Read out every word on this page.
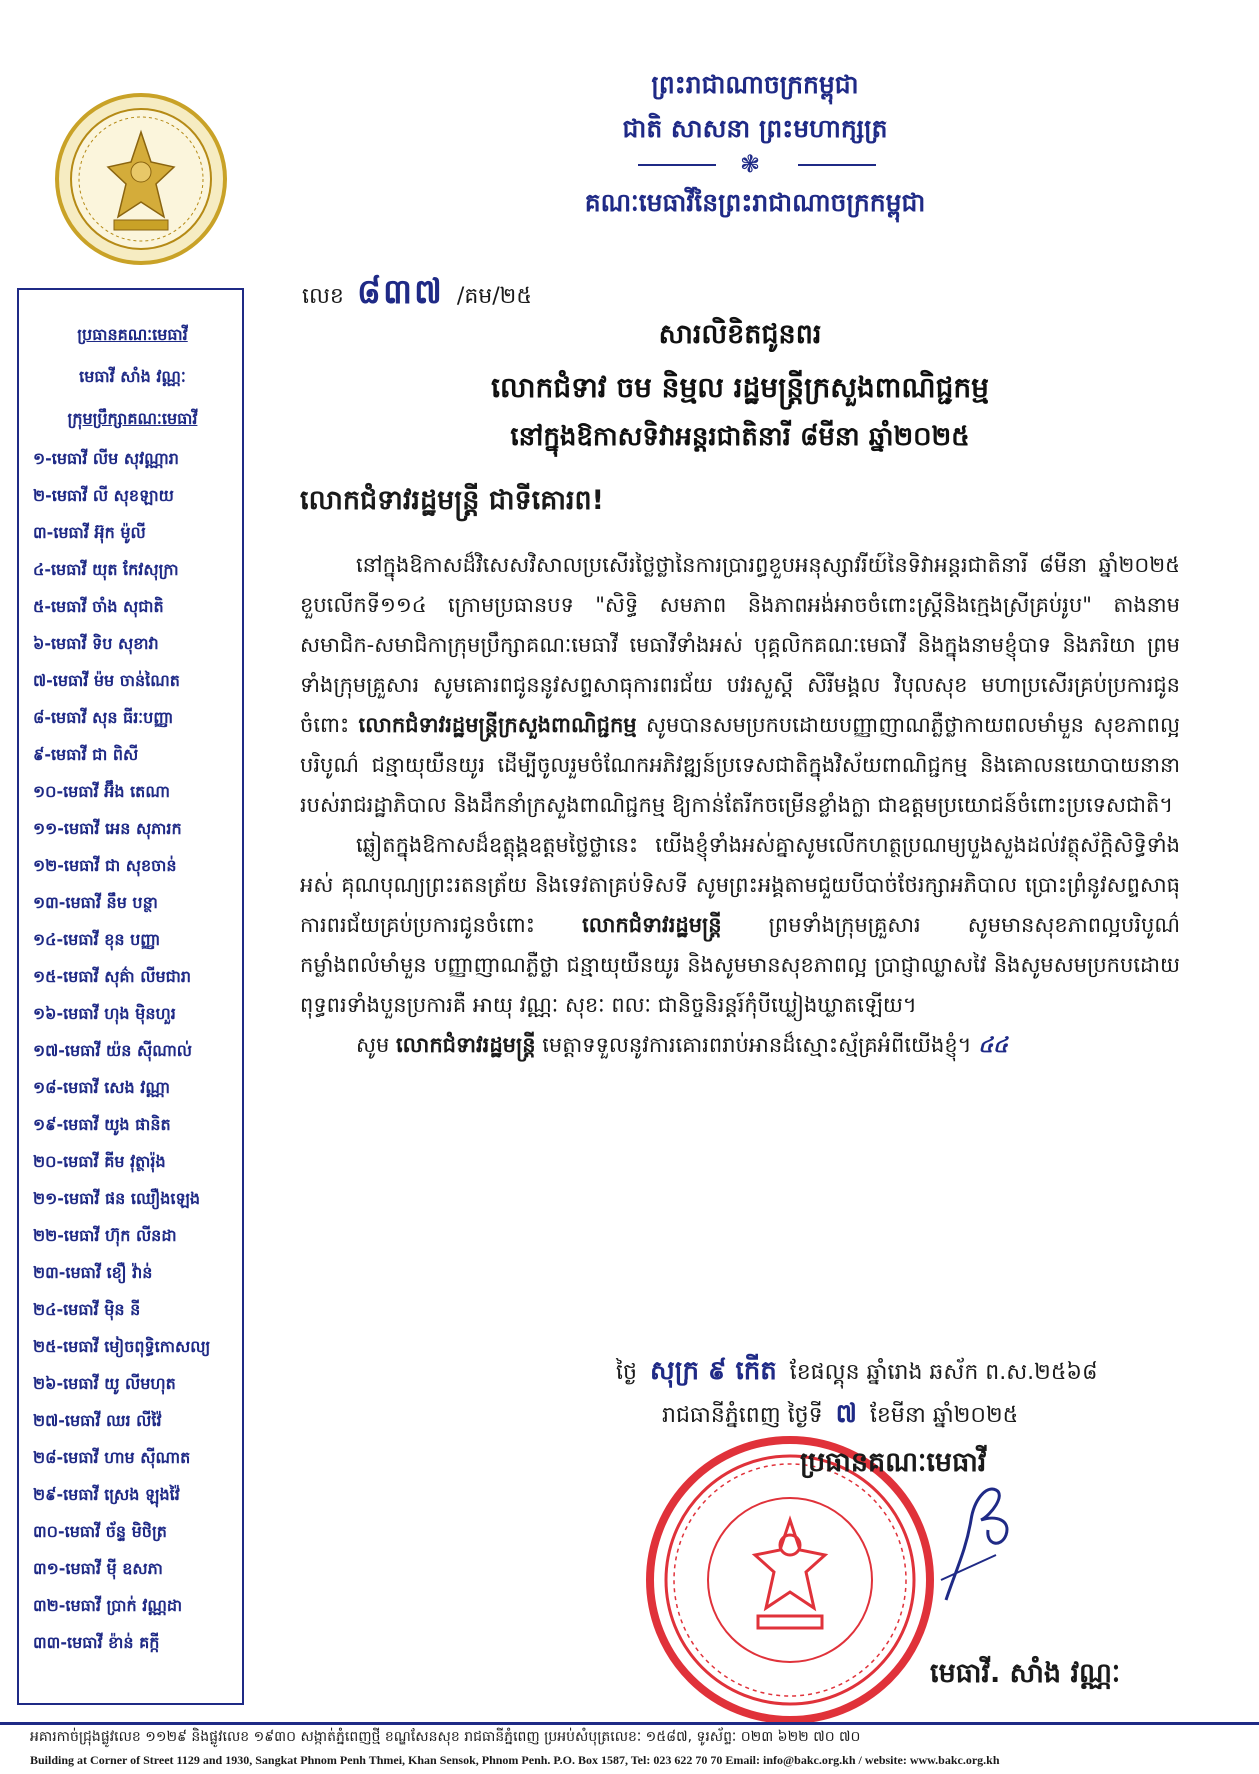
ព្រះរាជាណាចក្រកម្ពុជា
ជាតិ សាសនា ព្រះមហាក្សត្រ
❃
គណៈមេធាវីនៃព្រះរាជាណាចក្រកម្ពុជា
ប្រធានគណៈមេធាវី
មេធាវី សាំង វណ្ណៈ
ក្រុមប្រឹក្សាគណៈមេធាវី
១-មេធាវី លីម សុវណ្ណារា
២-មេធាវី លី សុខឡាយ
៣-មេធាវី អ៊ុក ម៉ូលី
៤-មេធាវី យុត កែវសុក្រា
៥-មេធាវី ចាំង សុជាតិ
៦-មេធាវី ទិប សុខាវា
៧-មេធាវី ម៉ម ចាន់ណៃត
៨-មេធាវី សុន ធីរៈបញ្ញា
៩-មេធាវី ជា ពិសី
១០-មេធាវី អ៊ឹង តេណា
១១-មេធាវី អេន សុភារក
១២-មេធាវី ជា សុខចាន់
១៣-មេធាវី នឹម បន្ថា
១៤-មេធាវី ខុន បញ្ញា
១៥-មេធាវី សុគ៌ា លីមជារា
១៦-មេធាវី ហុង ម៉ិនហួរ
១៧-មេធាវី យ៉ន ស៊ីណាល់
១៨-មេធាវី សេង វណ្ណា
១៩-មេធាវី យូង ផានិត
២០-មេធាវី គីម វុត្ថារ៉ុង
២១-មេធាវី ផន ឈឿងឡេង
២២-មេធាវី ហ៊ុក លីនដា
២៣-មេធាវី ខឿ វ៉ាន់
២៤-មេធាវី ម៉ិន នី
២៥-មេធាវី មៀចពុទ្ធិកោសល្យ
២៦-មេធាវី យូ លីមហុត
២៧-មេធាវី ឈរ លីវ៉ៃ
២៨-មេធាវី ហាម ស៊ីណាត
២៩-មេធាវី ស្រេង ឡុងវ៉ៃ
៣០-មេធាវី ច័ន្ទ មិថិត្រ
៣១-មេធាវី ម៉ី ឧសភា
៣២-មេធាវី ប្រាក់ វណ្ណដា
៣៣-មេធាវី ខ៉ាន់ គក្កី
លេខ ៨៣៧ /គម/២៥
សារលិខិតជូនពរ
លោកជំទាវ ចម និម្មល រដ្ឋមន្ត្រីក្រសួងពាណិជ្ជកម្ម
នៅក្នុងឱកាសទិវាអន្តរជាតិនារី ៨មីនា ឆ្នាំ២០២៥
លោកជំទាវរដ្ឋមន្ត្រី ជាទីគោរព!

នៅក្នុងឱកាសដ៏វិសេសវិសាលប្រសើរថ្លៃថ្លានៃការប្រារព្ធខួបអនុស្សាវរីយ៍នៃទិវាអន្តរជាតិនារី ៨មីនា ឆ្នាំ២០២៥ ខួបលើកទី១១៤ ក្រោមប្រធានបទ "សិទ្ធិ សមភាព និងភាពអង់អាចចំពោះស្ត្រីនិងក្មេងស្រីគ្រប់រូប" តាងនាមសមាជិក-សមាជិកាក្រុមប្រឹក្សាគណៈមេធាវី មេធាវីទាំងអស់ បុគ្គលិកគណៈមេធាវី និងក្នុងនាមខ្ញុំបាទ និងភរិយា ព្រមទាំងក្រុមគ្រួសារ សូមគោរពជូននូវសព្ទសាធុការពរជ័យ បវរសួស្តី សិរីមង្គល វិបុលសុខ មហាប្រសើរគ្រប់ប្រការជូនចំពោះ លោកជំទាវរដ្ឋមន្ត្រីក្រសួងពាណិជ្ជកម្ម សូមបានសមប្រកបដោយបញ្ញាញាណភ្លឺថ្លាកាយពលមាំមួន សុខភាពល្អបរិបូណ៌ ជន្មាយុយឺនយូរ ដើម្បីចូលរួមចំណែកអភិវឌ្ឍន៍ប្រទេសជាតិក្នុងវិស័យពាណិជ្ជកម្ម និងគោលនយោបាយនានារបស់រាជរដ្ឋាភិបាល និងដឹកនាំក្រសួងពាណិជ្ជកម្ម ឱ្យកាន់តែរីកចម្រើនខ្លាំងក្លា ជាឧត្តមប្រយោជន៍ចំពោះប្រទេសជាតិ។

ឆ្លៀតក្នុងឱកាសដ៏ឧត្តុង្គឧត្តមថ្លៃថ្លានេះ យើងខ្ញុំទាំងអស់គ្នាសូមលើកហត្ថប្រណម្យបួងសួងដល់វត្ថុស័ក្តិសិទ្ធិទាំងអស់ គុណបុណ្យព្រះរតនត្រ័យ និងទេវតាគ្រប់ទិសទី សូមព្រះអង្គតាមជួយបីបាច់ថែរក្សាអភិបាល ប្រោះព្រំនូវសព្ទសាធុការពរជ័យគ្រប់ប្រការជូនចំពោះ លោកជំទាវរដ្ឋមន្ត្រី ព្រមទាំងក្រុមគ្រួសារ សូមមានសុខភាពល្អបរិបូណ៌ កម្លាំងពលំមាំមួន បញ្ញាញាណភ្លឺថ្លា ជន្មាយុយឺនយូរ និងសូមមានសុខភាពល្អ ប្រាជ្ញាឈ្លាសវៃ និងសូមសមប្រកបដោយពុទ្ធពរទាំងបួនប្រការគឺ អាយុ វណ្ណៈ សុខៈ ពលៈ ជានិច្ចនិរន្តរ៍កុំបីឃ្លៀងឃ្លាតឡើយ។

សូម លោកជំទាវរដ្ឋមន្ត្រី មេត្តាទទួលនូវការគោរពរាប់អានដ៏ស្មោះស្ម័គ្រអំពីយើងខ្ញុំ។ ៤៤

ថ្ងៃ សុក្រ ៩ កើត ខែផល្គុន ឆ្នាំរោង ឆស័ក ព.ស.២៥៦៨
រាជធានីភ្នំពេញ ថ្ងៃទី ៧ ខែមីនា ឆ្នាំ២០២៥
ប្រធានគណៈមេធាវី
មេធាវី. សាំង វណ្ណៈ
អគារកាច់ជ្រុងផ្លូវលេខ ១១២៩ និងផ្លូវលេខ ១៩៣០ សង្កាត់ភ្នំពេញថ្មី ខណ្ឌសែនសុខ រាជធានីភ្នំពេញ ប្រអប់សំបុត្រលេខៈ ១៥៨៧, ទូរស័ព្ទៈ ០២៣ ៦២២ ៧០ ៧០
Building at Corner of Street 1129 and 1930, Sangkat Phnom Penh Thmei, Khan Sensok, Phnom Penh. P.O. Box 1587, Tel: 023 622 70 70 Email: info@bakc.org.kh / website: www.bakc.org.kh
